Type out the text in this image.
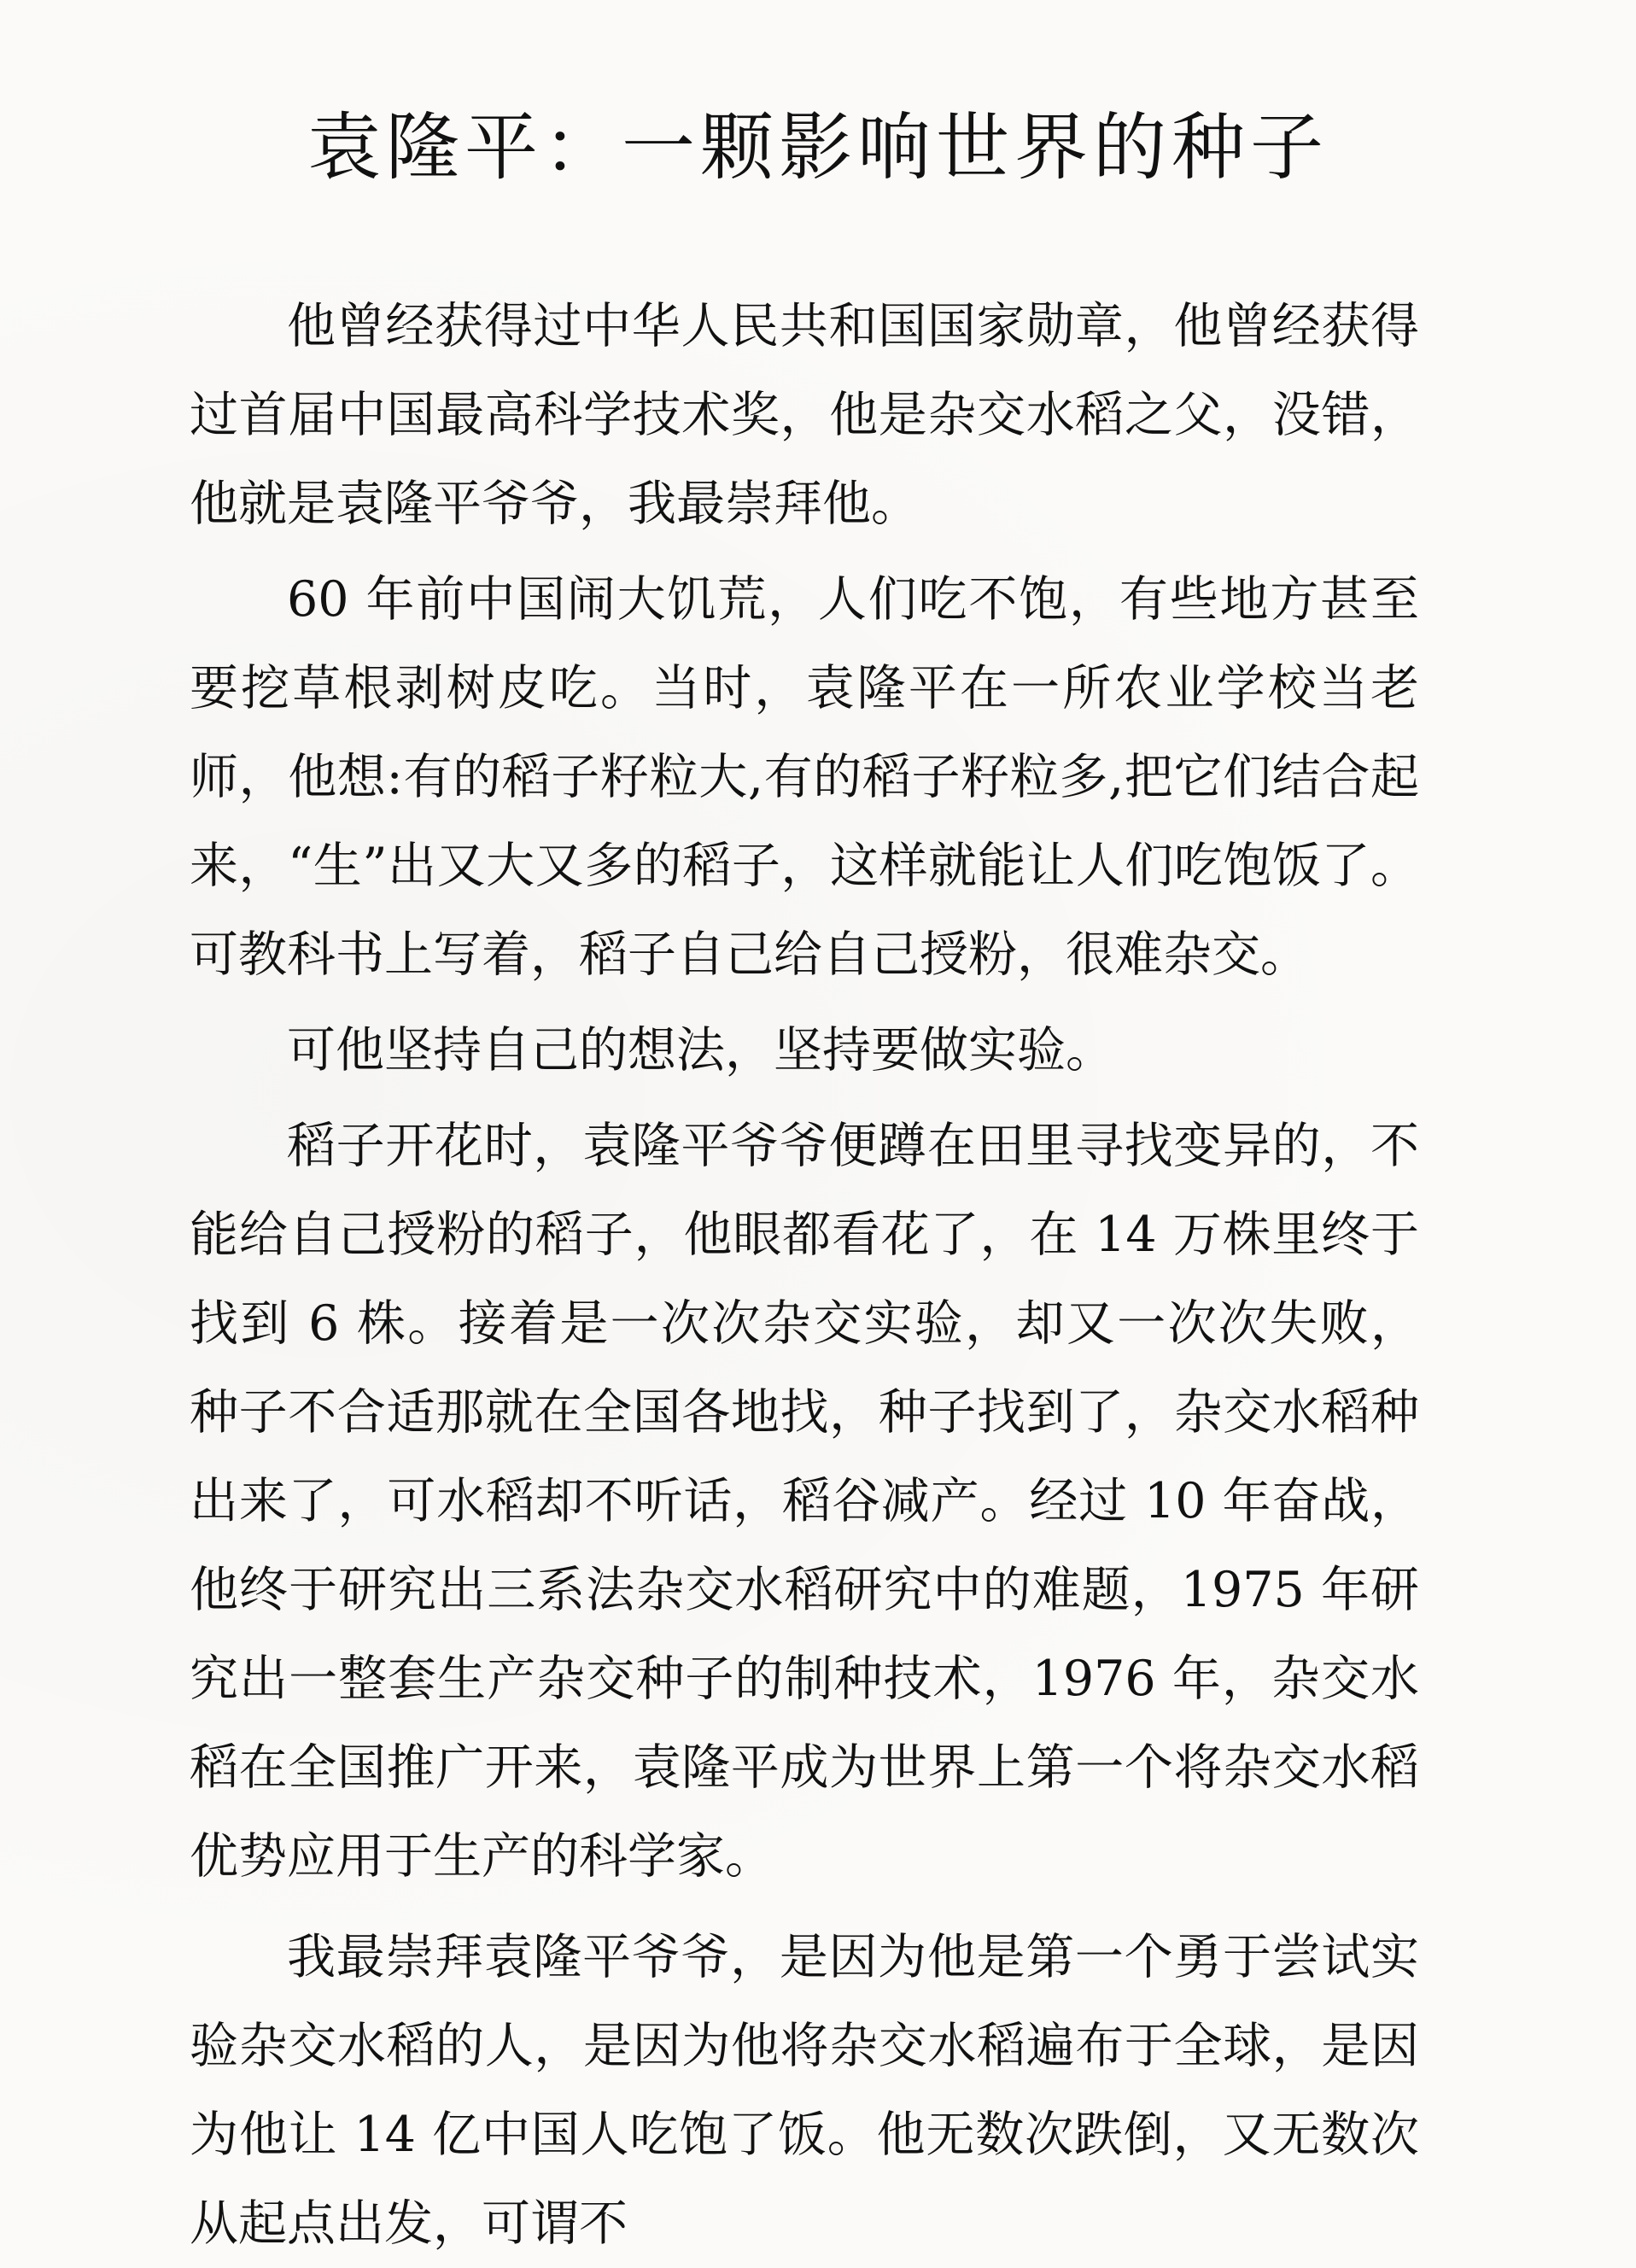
袁隆平：一颗影响世界的种子

他曾经获得过中华人民共和国国家勋章，他曾经获得过首届中国最高科学技术奖，他是杂交水稻之父，没错，他就是袁隆平爷爷，我最崇拜他。

60 年前中国闹大饥荒，人们吃不饱，有些地方甚至要挖草根剥树皮吃。当时，袁隆平在一所农业学校当老师，他想:有的稻子籽粒大,有的稻子籽粒多,把它们结合起来，“生”出又大又多的稻子，这样就能让人们吃饱饭了。可教科书上写着，稻子自己给自己授粉，很难杂交。

可他坚持自己的想法，坚持要做实验。

稻子开花时，袁隆平爷爷便蹲在田里寻找变异的，不能给自己授粉的稻子，他眼都看花了，在 14 万株里终于找到 6 株。接着是一次次杂交实验，却又一次次失败，种子不合适那就在全国各地找，种子找到了，杂交水稻种出来了，可水稻却不听话，稻谷减产。经过 10 年奋战，他终于研究出三系法杂交水稻研究中的难题，1975 年研究出一整套生产杂交种子的制种技术，1976 年，杂交水稻在全国推广开来，袁隆平成为世界上第一个将杂交水稻优势应用于生产的科学家。

我最崇拜袁隆平爷爷，是因为他是第一个勇于尝试实验杂交水稻的人，是因为他将杂交水稻遍布于全球，是因为他让 14 亿中国人吃饱了饭。他无数次跌倒，又无数次从起点出发，可谓不
